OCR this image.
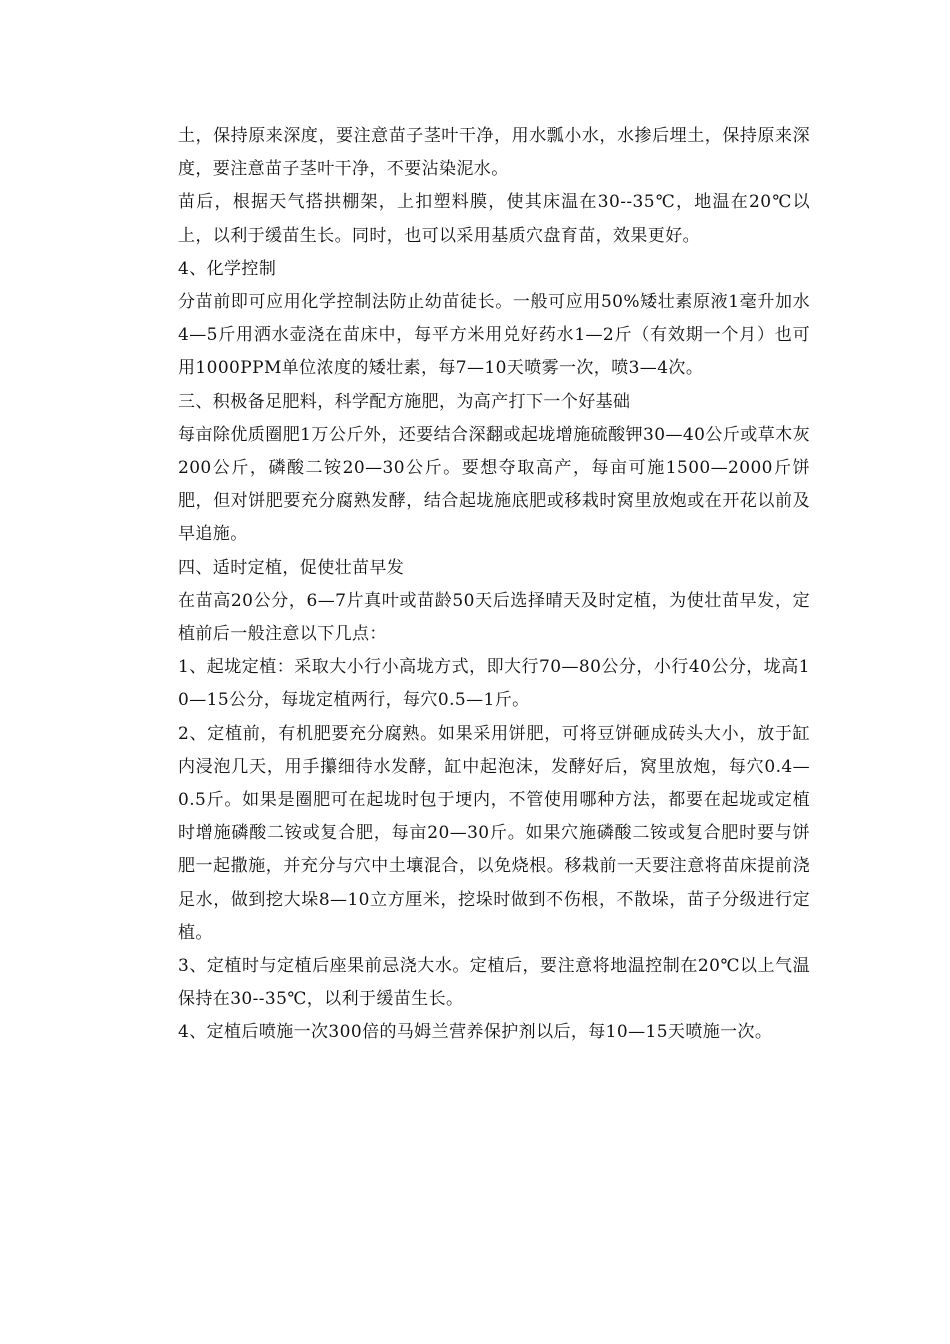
土，保持原来深度，要注意苗子茎叶干净，用水瓢小水，水掺后埋土，保持原来深度，要注意苗子茎叶干净，不要沾染泥水。

苗后，根据天气搭拱棚架，上扣塑料膜，使其床温在30--35℃，地温在20℃以上，以利于缓苗生长。同时，也可以采用基质穴盘育苗，效果更好。

4、化学控制

分苗前即可应用化学控制法防止幼苗徒长。一般可应用50%矮壮素原液1毫升加水4—5斤用洒水壶浇在苗床中，每平方米用兑好药水1—2斤（有效期一个月）也可用1000PPM单位浓度的矮壮素，每7—10天喷雾一次，喷3—4次。

三、积极备足肥料，科学配方施肥，为高产打下一个好基础

每亩除优质圈肥1万公斤外，还要结合深翻或起垅增施硫酸钾30—40公斤或草木灰200公斤，磷酸二铵20—30公斤。要想夺取高产，每亩可施1500—2000斤饼肥，但对饼肥要充分腐熟发酵，结合起垅施底肥或移栽时窝里放炮或在开花以前及早追施。

四、适时定植，促使壮苗早发

在苗高20公分，6—7片真叶或苗龄50天后选择晴天及时定植，为使壮苗早发，定植前后一般注意以下几点：

1、起垅定植：采取大小行小高垅方式，即大行70—80公分，小行40公分，垅高10—15公分，每垅定植两行，每穴0.5—1斤。

2、定植前，有机肥要充分腐熟。如果采用饼肥，可将豆饼砸成砖头大小，放于缸内浸泡几天，用手攥细待水发酵，缸中起泡沫，发酵好后，窝里放炮，每穴0.4—0.5斤。如果是圈肥可在起垅时包于埂内，不管使用哪种方法，都要在起垅或定植时增施磷酸二铵或复合肥，每亩20—30斤。如果穴施磷酸二铵或复合肥时要与饼肥一起撒施，并充分与穴中土壤混合，以免烧根。移栽前一天要注意将苗床提前浇足水，做到挖大垛8—10立方厘米，挖垛时做到不伤根，不散垛，苗子分级进行定植。

3、定植时与定植后座果前忌浇大水。定植后，要注意将地温控制在20℃以上气温保持在30--35℃，以利于缓苗生长。

4、定植后喷施一次300倍的马姆兰营养保护剂以后，每10—15天喷施一次。
